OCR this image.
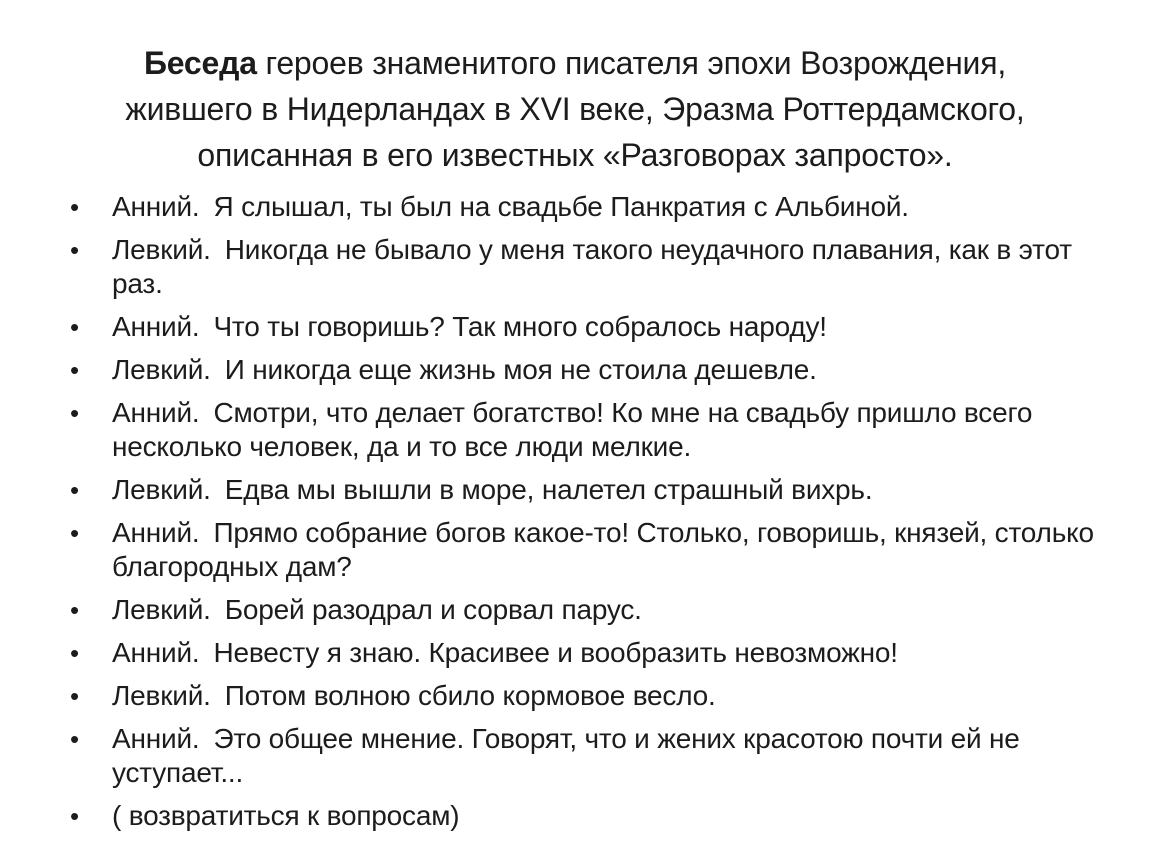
Беседа героев знаменитого писателя эпохи Возрождения,
жившего в Нидерландах в XVI веке, Эразма Роттердамского,
описанная в его известных «Разговорах запросто».
• Анний. Я слышал, ты был на свадьбе Панкратия с Альбиной.
• Левкий. Никогда не бывало у меня такого неудачного плавания, как в этот раз.
• Анний. Что ты говоришь? Так много собралось народу!
• Левкий. И никогда еще жизнь моя не стоила дешевле.
• Анний. Смотри, что делает богатство! Ко мне на свадьбу пришло всего несколько человек, да и то все люди мелкие.
• Левкий. Едва мы вышли в море, налетел страшный вихрь.
• Анний. Прямо собрание богов какое-то! Столько, говоришь, князей, столько благородных дам?
• Левкий. Борей разодрал и сорвал парус.
• Анний. Невесту я знаю. Красивее и вообразить невозможно!
• Левкий. Потом волною сбило кормовое весло.
• Анний. Это общее мнение. Говорят, что и жених красотою почти ей не уступает...
• ( возвратиться к вопросам)
